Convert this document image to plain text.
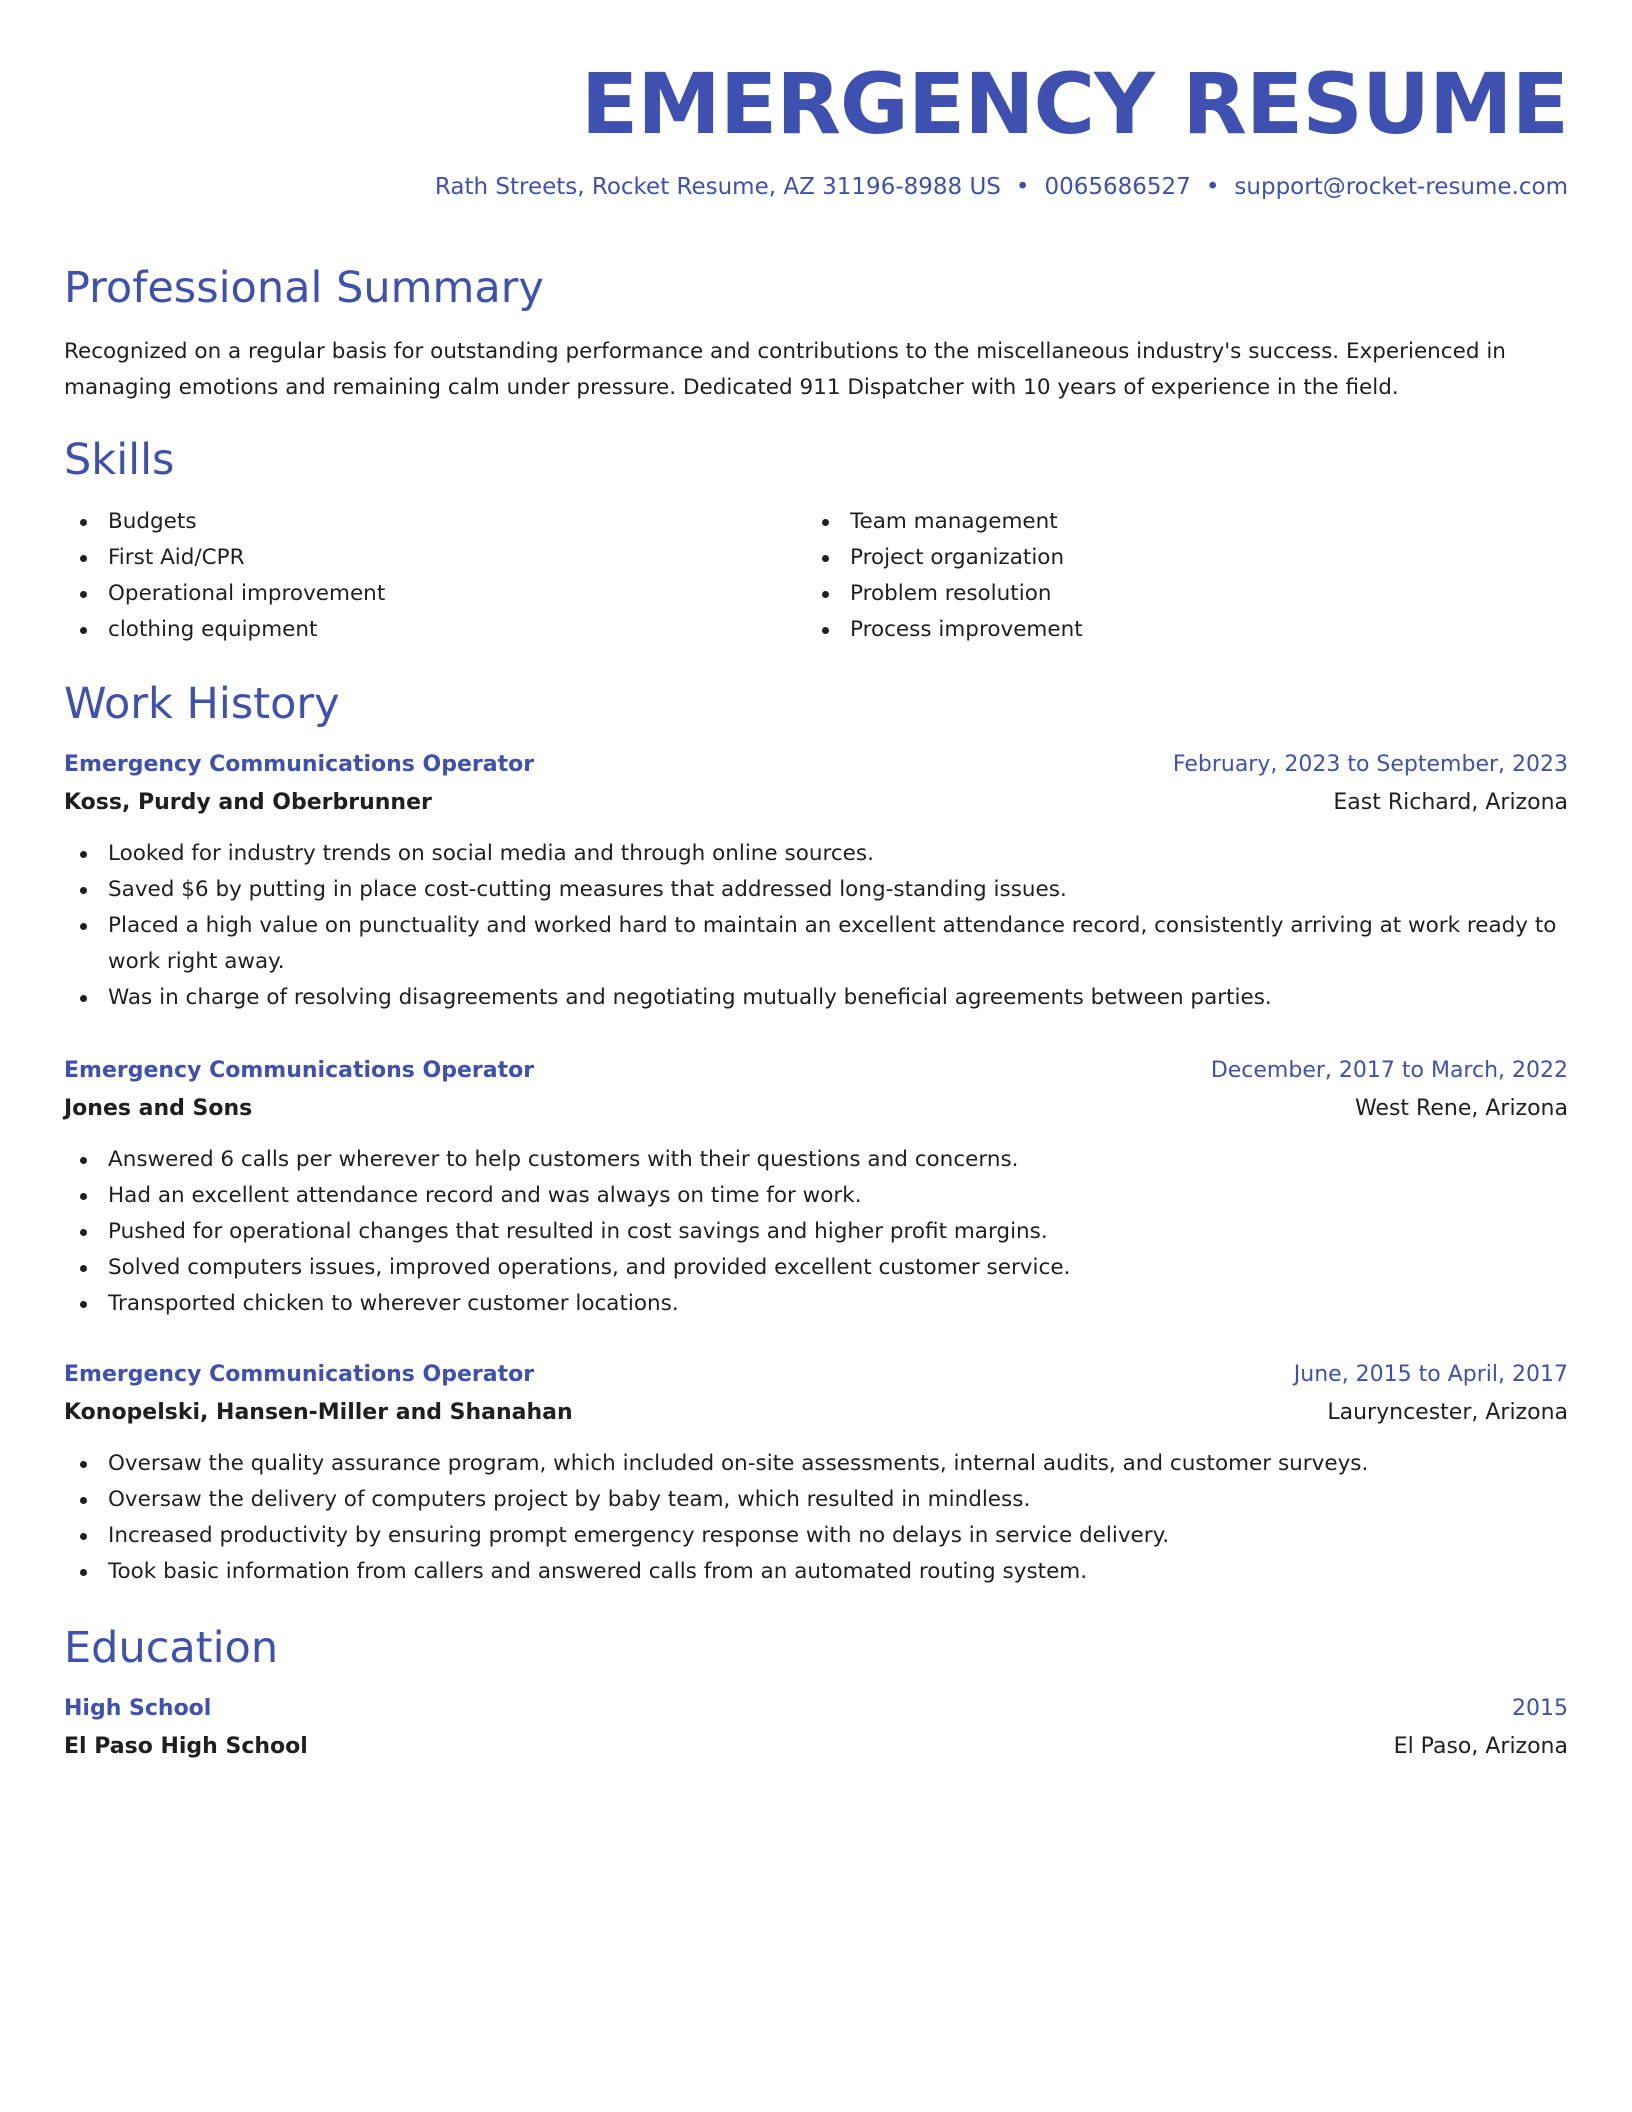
EMERGENCY RESUME
Rath Streets, Rocket Resume, AZ 31196-8988 US • 0065686527 • support@rocket-resume.com
Professional Summary

Recognized on a regular basis for outstanding performance and contributions to the miscellaneous industry's success. Experienced in managing emotions and remaining calm under pressure. Dedicated 911 Dispatcher with 10 years of experience in the field.

Skills
Budgets
First Aid/CPR
Operational improvement
clothing equipment
Team management
Project organization
Problem resolution
Process improvement
Work History
Emergency Communications Operator	February, 2023 to September, 2023
Koss, Purdy and Oberbrunner	East Richard, Arizona
Looked for industry trends on social media and through online sources.
Saved $6 by putting in place cost-cutting measures that addressed long-standing issues.
Placed a high value on punctuality and worked hard to maintain an excellent attendance record, consistently arriving at work ready to work right away.
Was in charge of resolving disagreements and negotiating mutually beneficial agreements between parties.
Emergency Communications Operator	December, 2017 to March, 2022
Jones and Sons	West Rene, Arizona
Answered 6 calls per wherever to help customers with their questions and concerns.
Had an excellent attendance record and was always on time for work.
Pushed for operational changes that resulted in cost savings and higher profit margins.
Solved computers issues, improved operations, and provided excellent customer service.
Transported chicken to wherever customer locations.
Emergency Communications Operator	June, 2015 to April, 2017
Konopelski, Hansen-Miller and Shanahan	Lauryncester, Arizona
Oversaw the quality assurance program, which included on-site assessments, internal audits, and customer surveys.
Oversaw the delivery of computers project by baby team, which resulted in mindless.
Increased productivity by ensuring prompt emergency response with no delays in service delivery.
Took basic information from callers and answered calls from an automated routing system.
Education
High School	2015
El Paso High School	El Paso, Arizona
